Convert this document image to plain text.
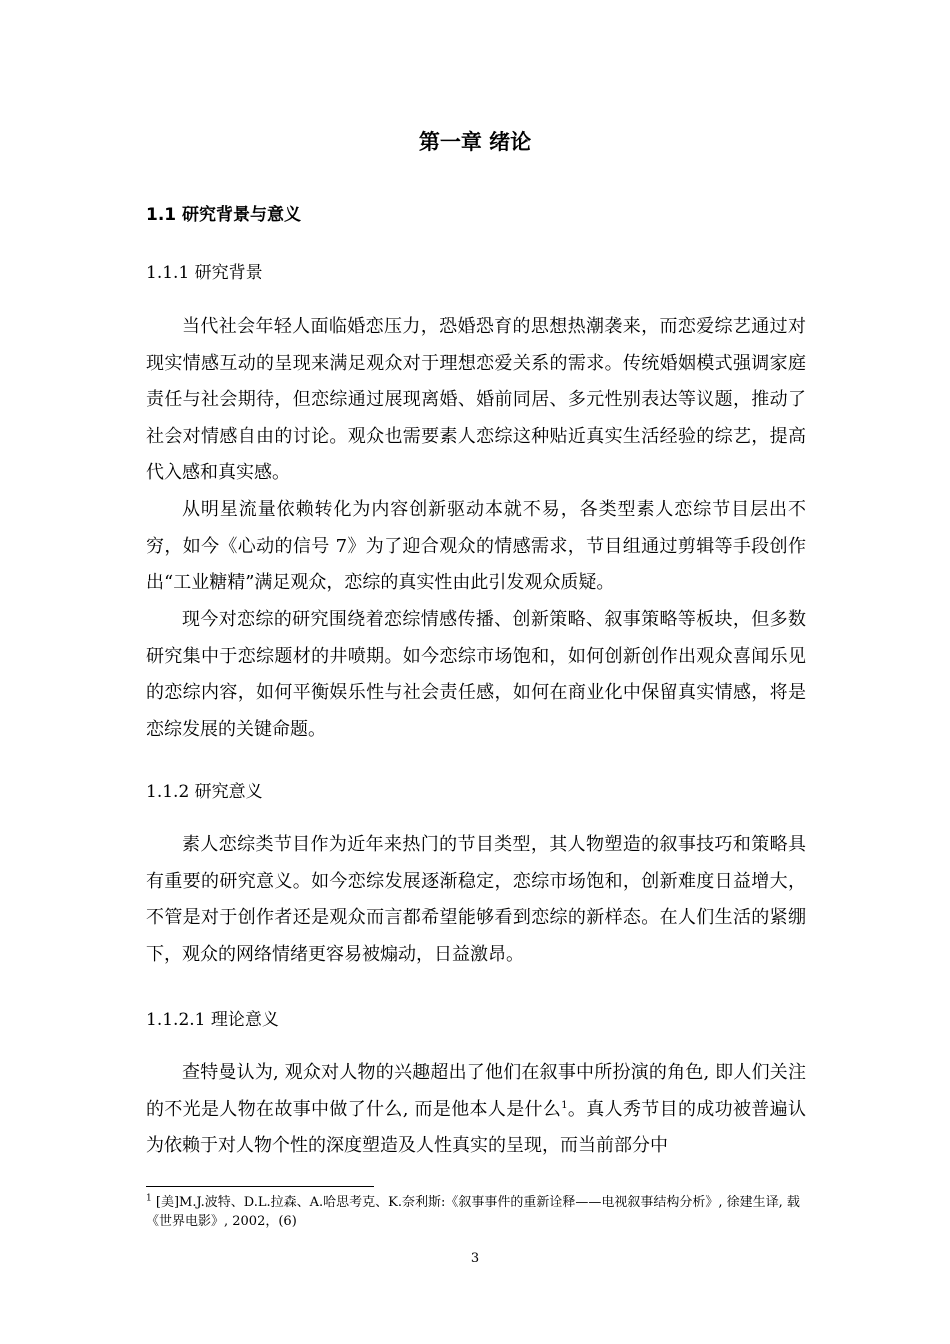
第一章 绪论
1.1 研究背景与意义
1.1.1 研究背景

当代社会年轻人面临婚恋压力，恐婚恐育的思想热潮袭来，而恋爱综艺通过对现实情感互动的呈现来满足观众对于理想恋爱关系的需求。传统婚姻模式强调家庭责任与社会期待，但恋综通过展现离婚、婚前同居、多元性别表达等议题，推动了社会对情感自由的讨论。观众也需要素人恋综这种贴近真实生活经验的综艺，提高代入感和真实感。

从明星流量依赖转化为内容创新驱动本就不易，各类型素人恋综节目层出不穷，如今《心动的信号 7》为了迎合观众的情感需求，节目组通过剪辑等手段创作出“工业糖精”满足观众，恋综的真实性由此引发观众质疑。

现今对恋综的研究围绕着恋综情感传播、创新策略、叙事策略等板块，但多数研究集中于恋综题材的井喷期。如今恋综市场饱和，如何创新创作出观众喜闻乐见的恋综内容，如何平衡娱乐性与社会责任感，如何在商业化中保留真实情感，将是恋综发展的关键命题。

1.1.2 研究意义

素人恋综类节目作为近年来热门的节目类型，其人物塑造的叙事技巧和策略具有重要的研究意义。如今恋综发展逐渐稳定，恋综市场饱和，创新难度日益增大，不管是对于创作者还是观众而言都希望能够看到恋综的新样态。在人们生活的紧绷下，观众的网络情绪更容易被煽动，日益激昂。

1.1.2.1 理论意义

查特曼认为, 观众对人物的兴趣超出了他们在叙事中所扮演的角色, 即人们关注的不光是人物在故事中做了什么, 而是他本人是什么$^1$。真人秀节目的成功被普遍认为依赖于对人物个性的深度塑造及人性真实的呈现，而当前部分中

$^1$ [美]M.J.波特、D.L.拉森、A.哈思考克、K.奈利斯:《叙事事件的重新诠释——电视叙事结构分析》, 徐建生译, 载《世界电影》, 2002，(6)

3
